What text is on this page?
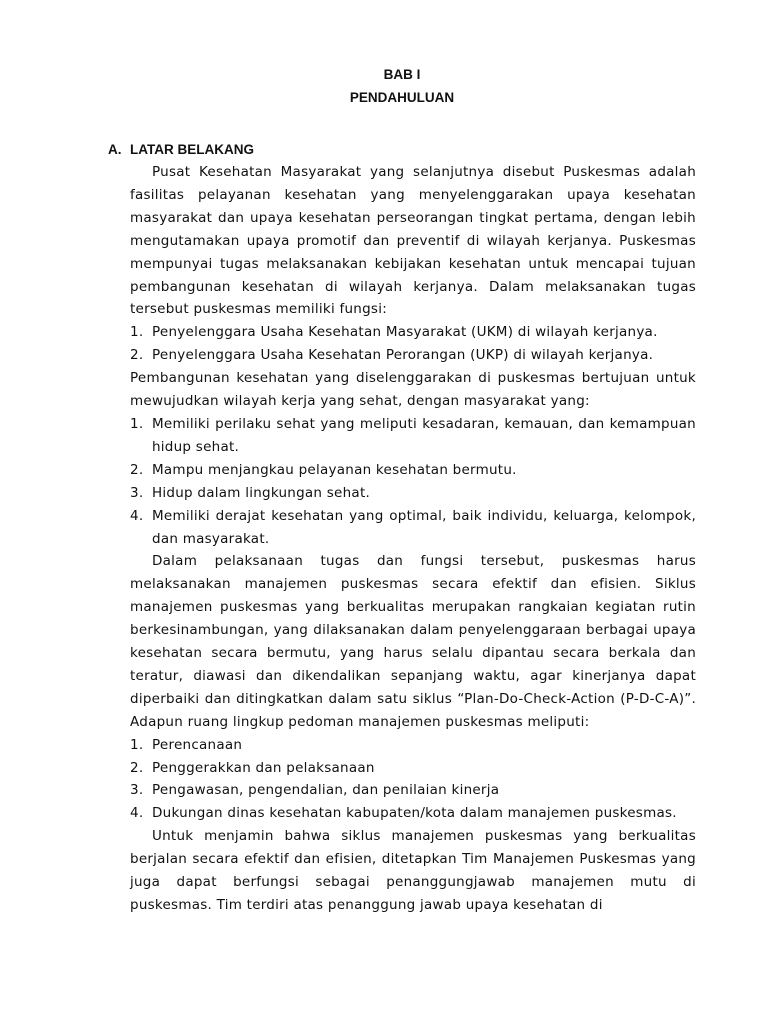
BAB I
PENDAHULUAN
A. LATAR BELAKANG

Pusat Kesehatan Masyarakat yang selanjutnya disebut Puskesmas adalah fasilitas pelayanan kesehatan yang menyelenggarakan upaya kesehatan masyarakat dan upaya kesehatan perseorangan tingkat pertama, dengan lebih mengutamakan upaya promotif dan preventif di wilayah kerjanya. Puskesmas mempunyai tugas melaksanakan kebijakan kesehatan untuk mencapai tujuan pembangunan kesehatan di wilayah kerjanya. Dalam melaksanakan tugas tersebut puskesmas memiliki fungsi:

1. Penyelenggara Usaha Kesehatan Masyarakat (UKM) di wilayah kerjanya.
2. Penyelenggara Usaha Kesehatan Perorangan (UKP) di wilayah kerjanya.

Pembangunan kesehatan yang diselenggarakan di puskesmas bertujuan untuk mewujudkan wilayah kerja yang sehat, dengan masyarakat yang:

1. Memiliki perilaku sehat yang meliputi kesadaran, kemauan, dan kemampuan hidup sehat.
2. Mampu menjangkau pelayanan kesehatan bermutu.
3. Hidup dalam lingkungan sehat.
4. Memiliki derajat kesehatan yang optimal, baik individu, keluarga, kelompok, dan masyarakat.

Dalam pelaksanaan tugas dan fungsi tersebut, puskesmas harus melaksanakan manajemen puskesmas secara efektif dan efisien. Siklus manajemen puskesmas yang berkualitas merupakan rangkaian kegiatan rutin berkesinambungan, yang dilaksanakan dalam penyelenggaraan berbagai upaya kesehatan secara bermutu, yang harus selalu dipantau secara berkala dan teratur, diawasi dan dikendalikan sepanjang waktu, agar kinerjanya dapat diperbaiki dan ditingkatkan dalam satu siklus “Plan-Do-Check-Action (P-D-C-A)”. Adapun ruang lingkup pedoman manajemen puskesmas meliputi:

1. Perencanaan
2. Penggerakkan dan pelaksanaan
3. Pengawasan, pengendalian, dan penilaian kinerja
4. Dukungan dinas kesehatan kabupaten/kota dalam manajemen puskesmas.

Untuk menjamin bahwa siklus manajemen puskesmas yang berkualitas berjalan secara efektif dan efisien, ditetapkan Tim Manajemen Puskesmas yang juga dapat berfungsi sebagai penanggungjawab manajemen mutu di puskesmas. Tim terdiri atas penanggung jawab upaya kesehatan di
